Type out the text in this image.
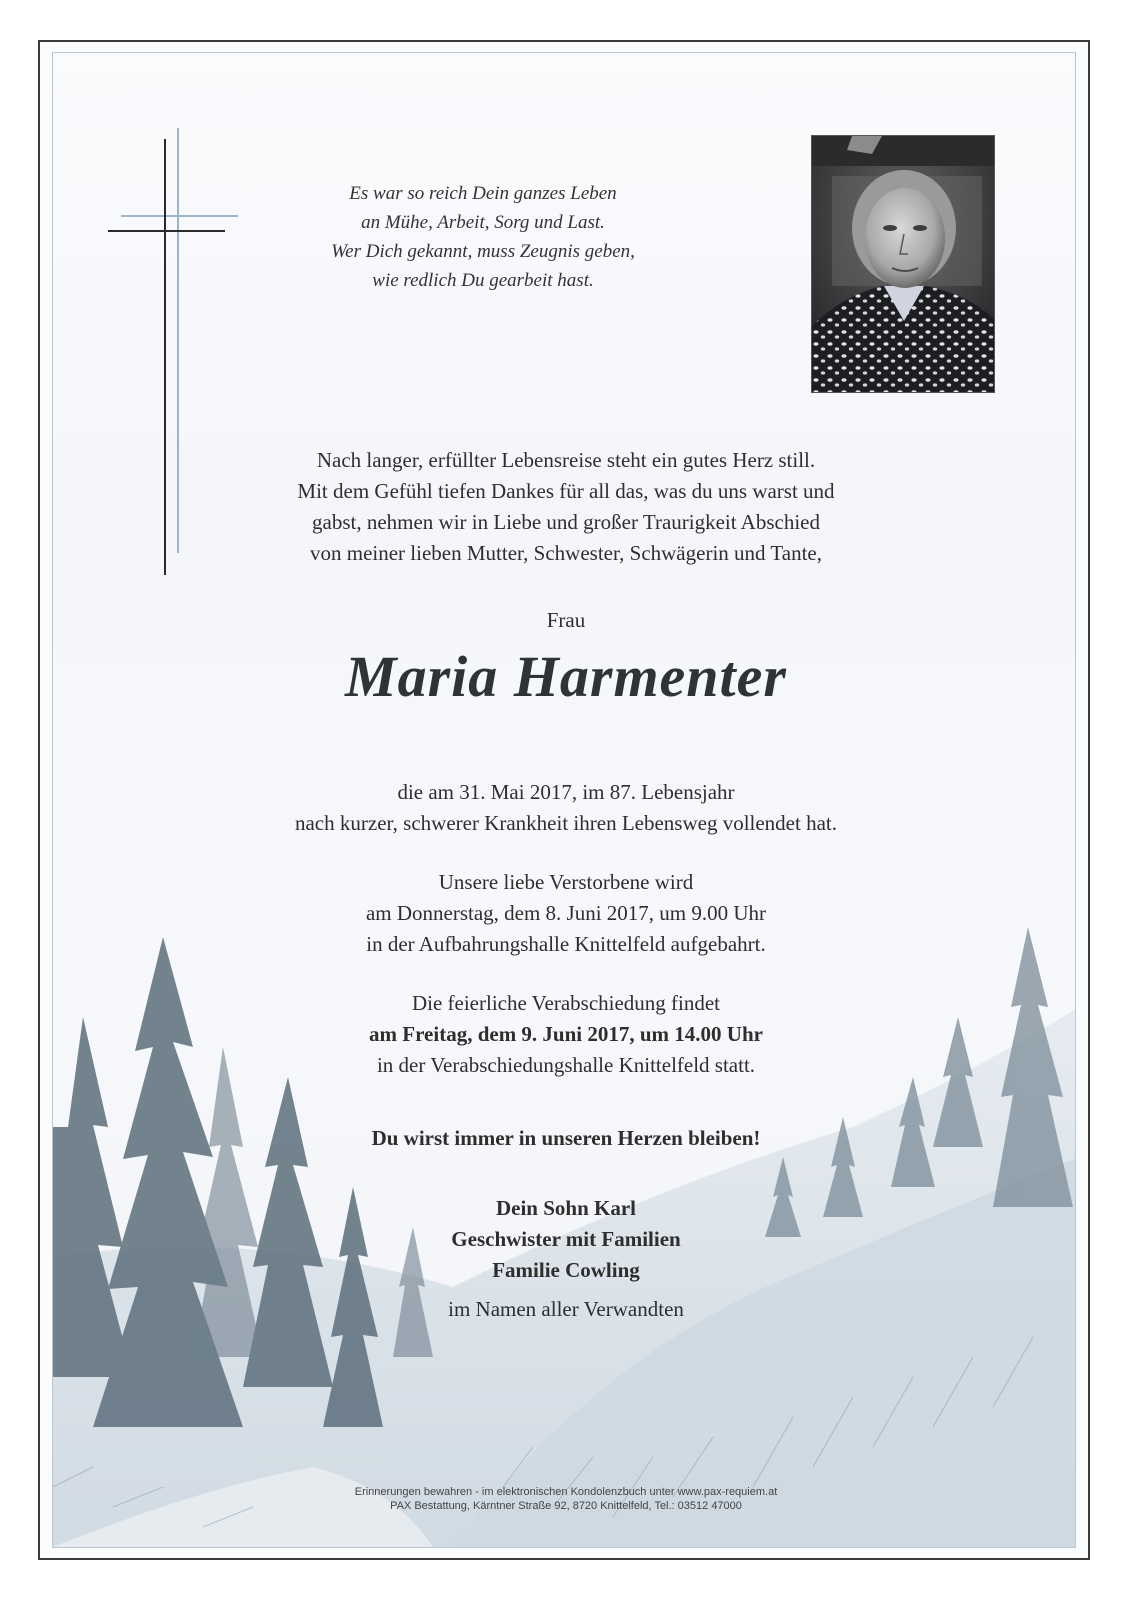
Es war so reich Dein ganzes Leben
an Mühe, Arbeit, Sorg und Last.
Wer Dich gekannt, muss Zeugnis geben,
wie redlich Du gearbeit hast.
Nach langer, erfüllter Lebensreise steht ein gutes Herz still.
Mit dem Gefühl tiefen Dankes für all das, was du uns warst und
gabst, nehmen wir in Liebe und großer Traurigkeit Abschied
von meiner lieben Mutter, Schwester, Schwägerin und Tante,
Frau
Maria Harmenter
die am 31. Mai 2017, im 87. Lebensjahr
nach kurzer, schwerer Krankheit ihren Lebensweg vollendet hat.
Unsere liebe Verstorbene wird
am Donnerstag, dem 8. Juni 2017, um 9.00 Uhr
in der Aufbahrungshalle Knittelfeld aufgebahrt.
Die feierliche Verabschiedung findet
am Freitag, dem 9. Juni 2017, um 14.00 Uhr
in der Verabschiedungshalle Knittelfeld statt.
Du wirst immer in unseren Herzen bleiben!
Dein Sohn Karl
Geschwister mit Familien
Familie Cowling
im Namen aller Verwandten
Erinnerungen bewahren - im elektronischen Kondolenzbuch unter www.pax-requiem.at
PAX Bestattung, Kärntner Straße 92, 8720 Knittelfeld, Tel.: 03512 47000
